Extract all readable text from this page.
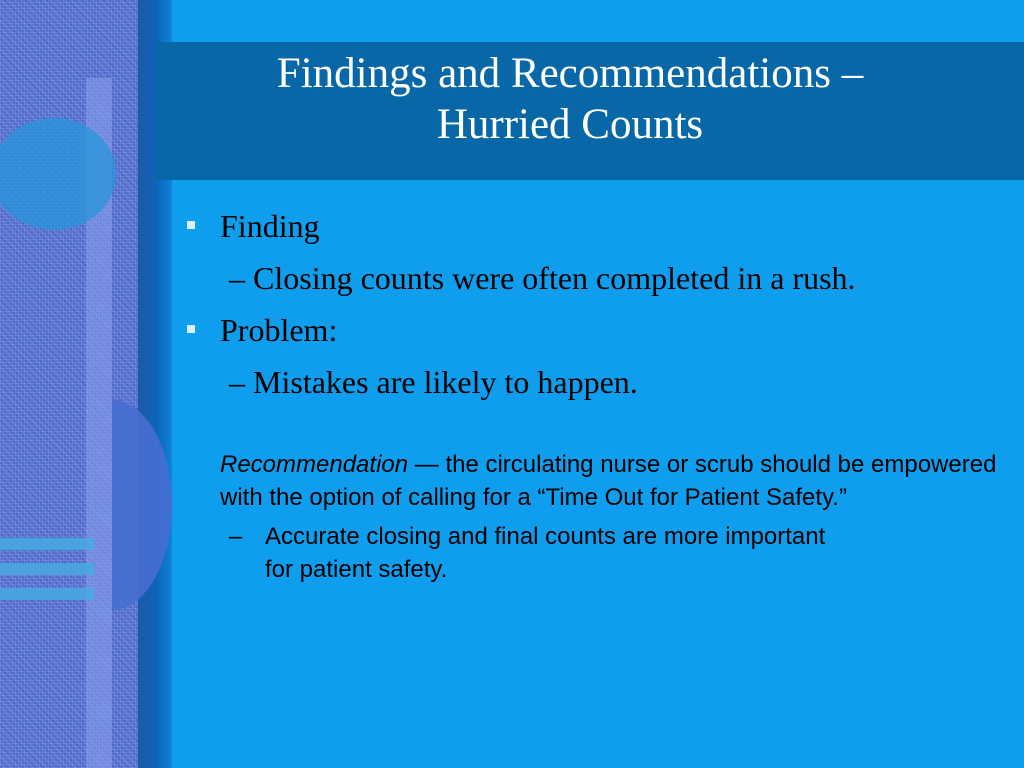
Findings and Recommendations –
Hurried Counts
Finding
– Closing counts were often completed in a rush.
Problem:
– Mistakes are likely to happen.
Recommendation — the circulating nurse or scrub should be empowered with the option of calling for a “Time Out for Patient Safety.”
– Accurate closing and final counts are more important
for patient safety.
